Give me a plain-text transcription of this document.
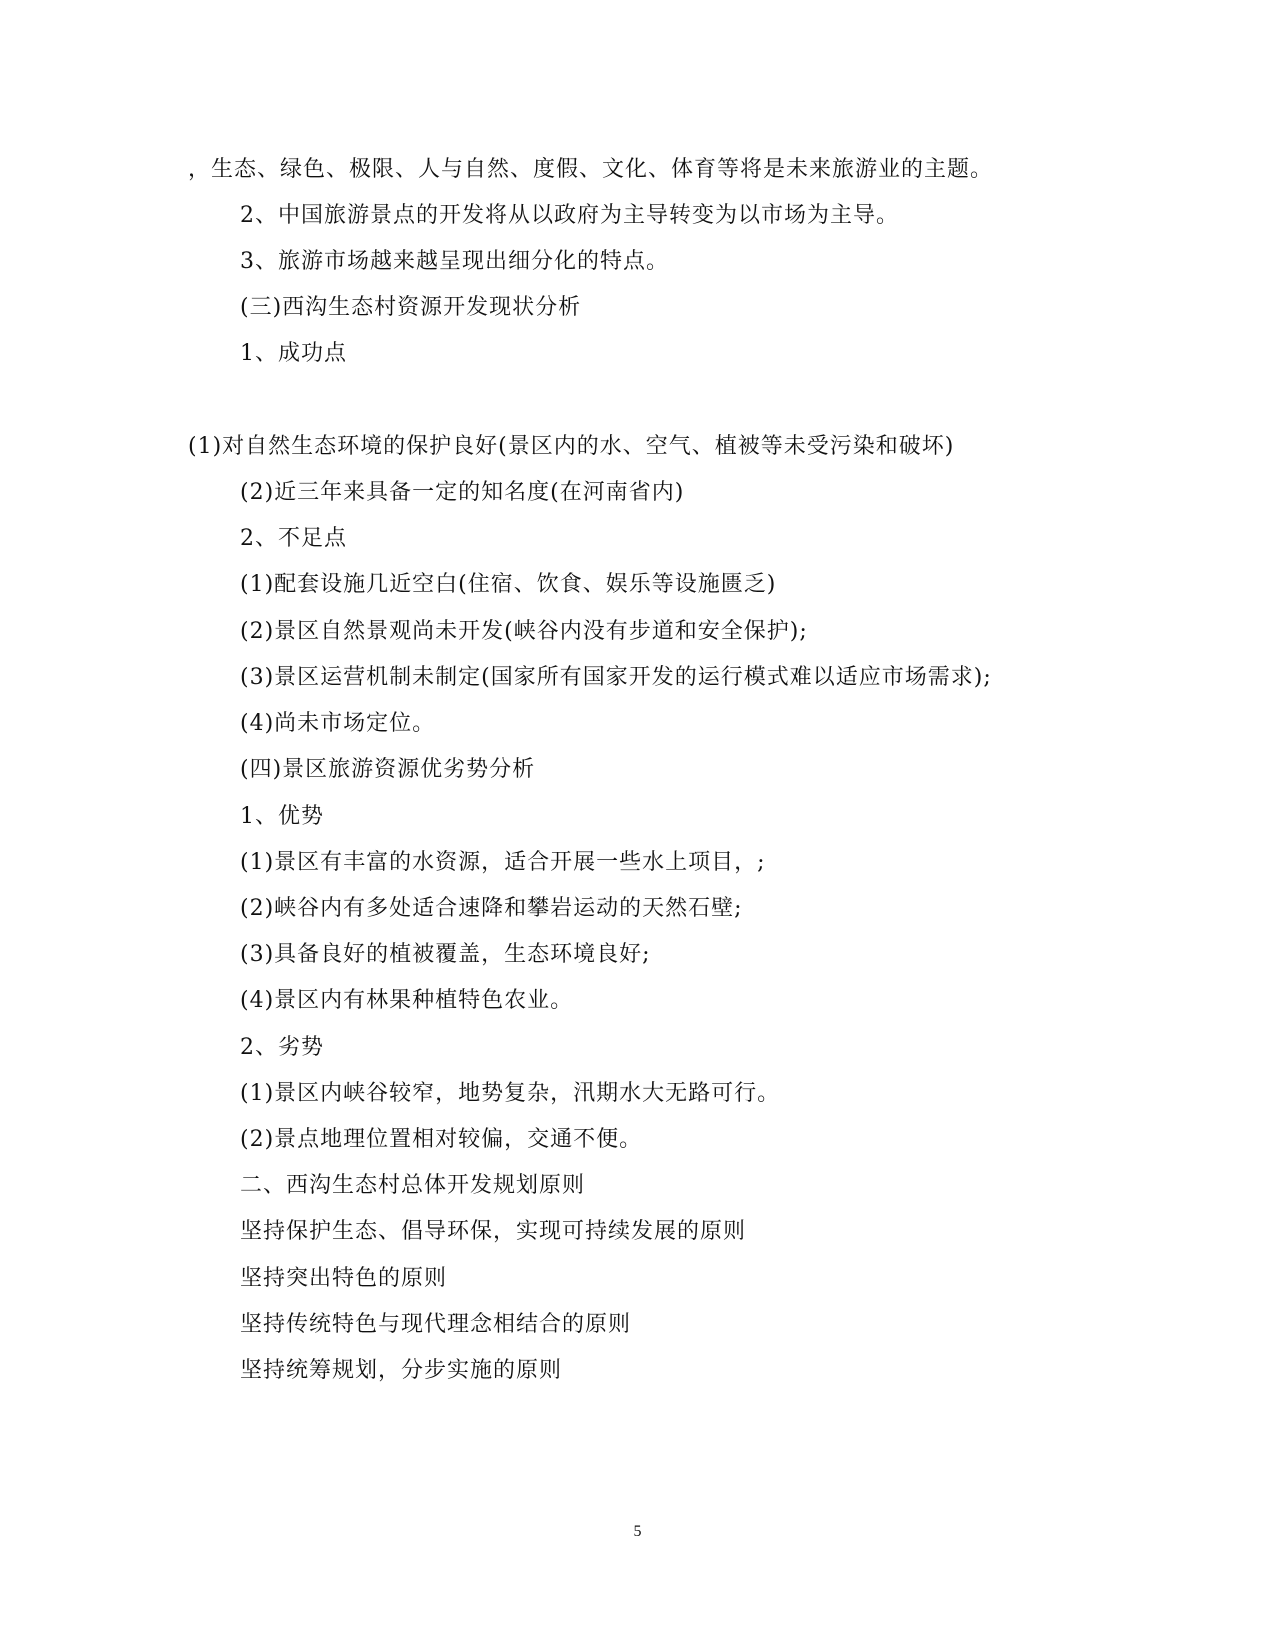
，生态、绿色、极限、人与自然、度假、文化、体育等将是未来旅游业的主题。
2、中国旅游景点的开发将从以政府为主导转变为以市场为主导。
3、旅游市场越来越呈现出细分化的特点。
(三)西沟生态村资源开发现状分析
1、成功点
(1)对自然生态环境的保护良好(景区内的水、空气、植被等未受污染和破坏)
(2)近三年来具备一定的知名度(在河南省内)
2、不足点
(1)配套设施几近空白(住宿、饮食、娱乐等设施匮乏)
(2)景区自然景观尚未开发(峡谷内没有步道和安全保护);
(3)景区运营机制未制定(国家所有国家开发的运行模式难以适应市场需求);
(4)尚未市场定位。
(四)景区旅游资源优劣势分析
1、优势
(1)景区有丰富的水资源，适合开展一些水上项目，;
(2)峡谷内有多处适合速降和攀岩运动的天然石壁;
(3)具备良好的植被覆盖，生态环境良好;
(4)景区内有林果种植特色农业。
2、劣势
(1)景区内峡谷较窄，地势复杂，汛期水大无路可行。
(2)景点地理位置相对较偏，交通不便。
二、西沟生态村总体开发规划原则
坚持保护生态、倡导环保，实现可持续发展的原则
坚持突出特色的原则
坚持传统特色与现代理念相结合的原则
坚持统筹规划，分步实施的原则
5
